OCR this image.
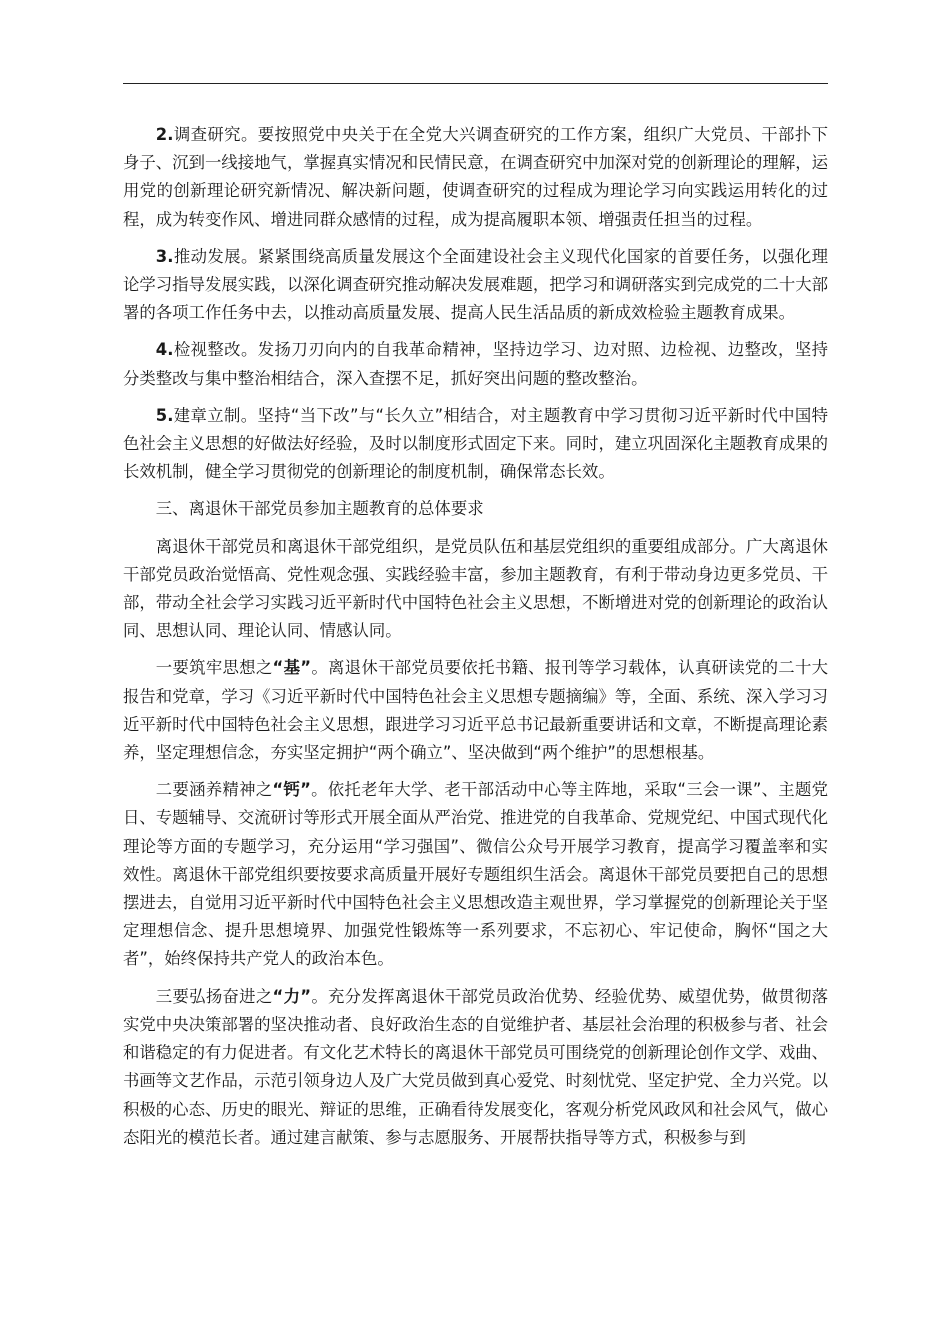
2.调查研究。要按照党中央关于在全党大兴调查研究的工作方案，组织广大党员、干部扑下身子、沉到一线接地气，掌握真实情况和民情民意，在调查研究中加深对党的创新理论的理解，运用党的创新理论研究新情况、解决新问题，使调查研究的过程成为理论学习向实践运用转化的过程，成为转变作风、增进同群众感情的过程，成为提高履职本领、增强责任担当的过程。

3.推动发展。紧紧围绕高质量发展这个全面建设社会主义现代化国家的首要任务，以强化理论学习指导发展实践，以深化调查研究推动解决发展难题，把学习和调研落实到完成党的二十大部署的各项工作任务中去，以推动高质量发展、提高人民生活品质的新成效检验主题教育成果。

4.检视整改。发扬刀刃向内的自我革命精神，坚持边学习、边对照、边检视、边整改，坚持分类整改与集中整治相结合，深入查摆不足，抓好突出问题的整改整治。

5.建章立制。坚持“当下改”与“长久立”相结合，对主题教育中学习贯彻习近平新时代中国特色社会主义思想的好做法好经验，及时以制度形式固定下来。同时，建立巩固深化主题教育成果的长效机制，健全学习贯彻党的创新理论的制度机制，确保常态长效。

三、离退休干部党员参加主题教育的总体要求

离退休干部党员和离退休干部党组织，是党员队伍和基层党组织的重要组成部分。广大离退休干部党员政治觉悟高、党性观念强、实践经验丰富，参加主题教育，有利于带动身边更多党员、干部，带动全社会学习实践习近平新时代中国特色社会主义思想，不断增进对党的创新理论的政治认同、思想认同、理论认同、情感认同。

一要筑牢思想之“基”。离退休干部党员要依托书籍、报刊等学习载体，认真研读党的二十大报告和党章，学习《习近平新时代中国特色社会主义思想专题摘编》等，全面、系统、深入学习习近平新时代中国特色社会主义思想，跟进学习习近平总书记最新重要讲话和文章，不断提高理论素养，坚定理想信念，夯实坚定拥护“两个确立”、坚决做到“两个维护”的思想根基。

二要涵养精神之“钙”。依托老年大学、老干部活动中心等主阵地，采取“三会一课”、主题党日、专题辅导、交流研讨等形式开展全面从严治党、推进党的自我革命、党规党纪、中国式现代化理论等方面的专题学习，充分运用“学习强国”、微信公众号开展学习教育，提高学习覆盖率和实效性。离退休干部党组织要按要求高质量开展好专题组织生活会。离退休干部党员要把自己的思想摆进去，自觉用习近平新时代中国特色社会主义思想改造主观世界，学习掌握党的创新理论关于坚定理想信念、提升思想境界、加强党性锻炼等一系列要求，不忘初心、牢记使命，胸怀“国之大者”，始终保持共产党人的政治本色。

三要弘扬奋进之“力”。充分发挥离退休干部党员政治优势、经验优势、威望优势，做贯彻落实党中央决策部署的坚决推动者、良好政治生态的自觉维护者、基层社会治理的积极参与者、社会和谐稳定的有力促进者。有文化艺术特长的离退休干部党员可围绕党的创新理论创作文学、戏曲、书画等文艺作品，示范引领身边人及广大党员做到真心爱党、时刻忧党、坚定护党、全力兴党。以积极的心态、历史的眼光、辩证的思维，正确看待发展变化，客观分析党风政风和社会风气，做心态阳光的模范长者。通过建言献策、参与志愿服务、开展帮扶指导等方式，积极参与到
